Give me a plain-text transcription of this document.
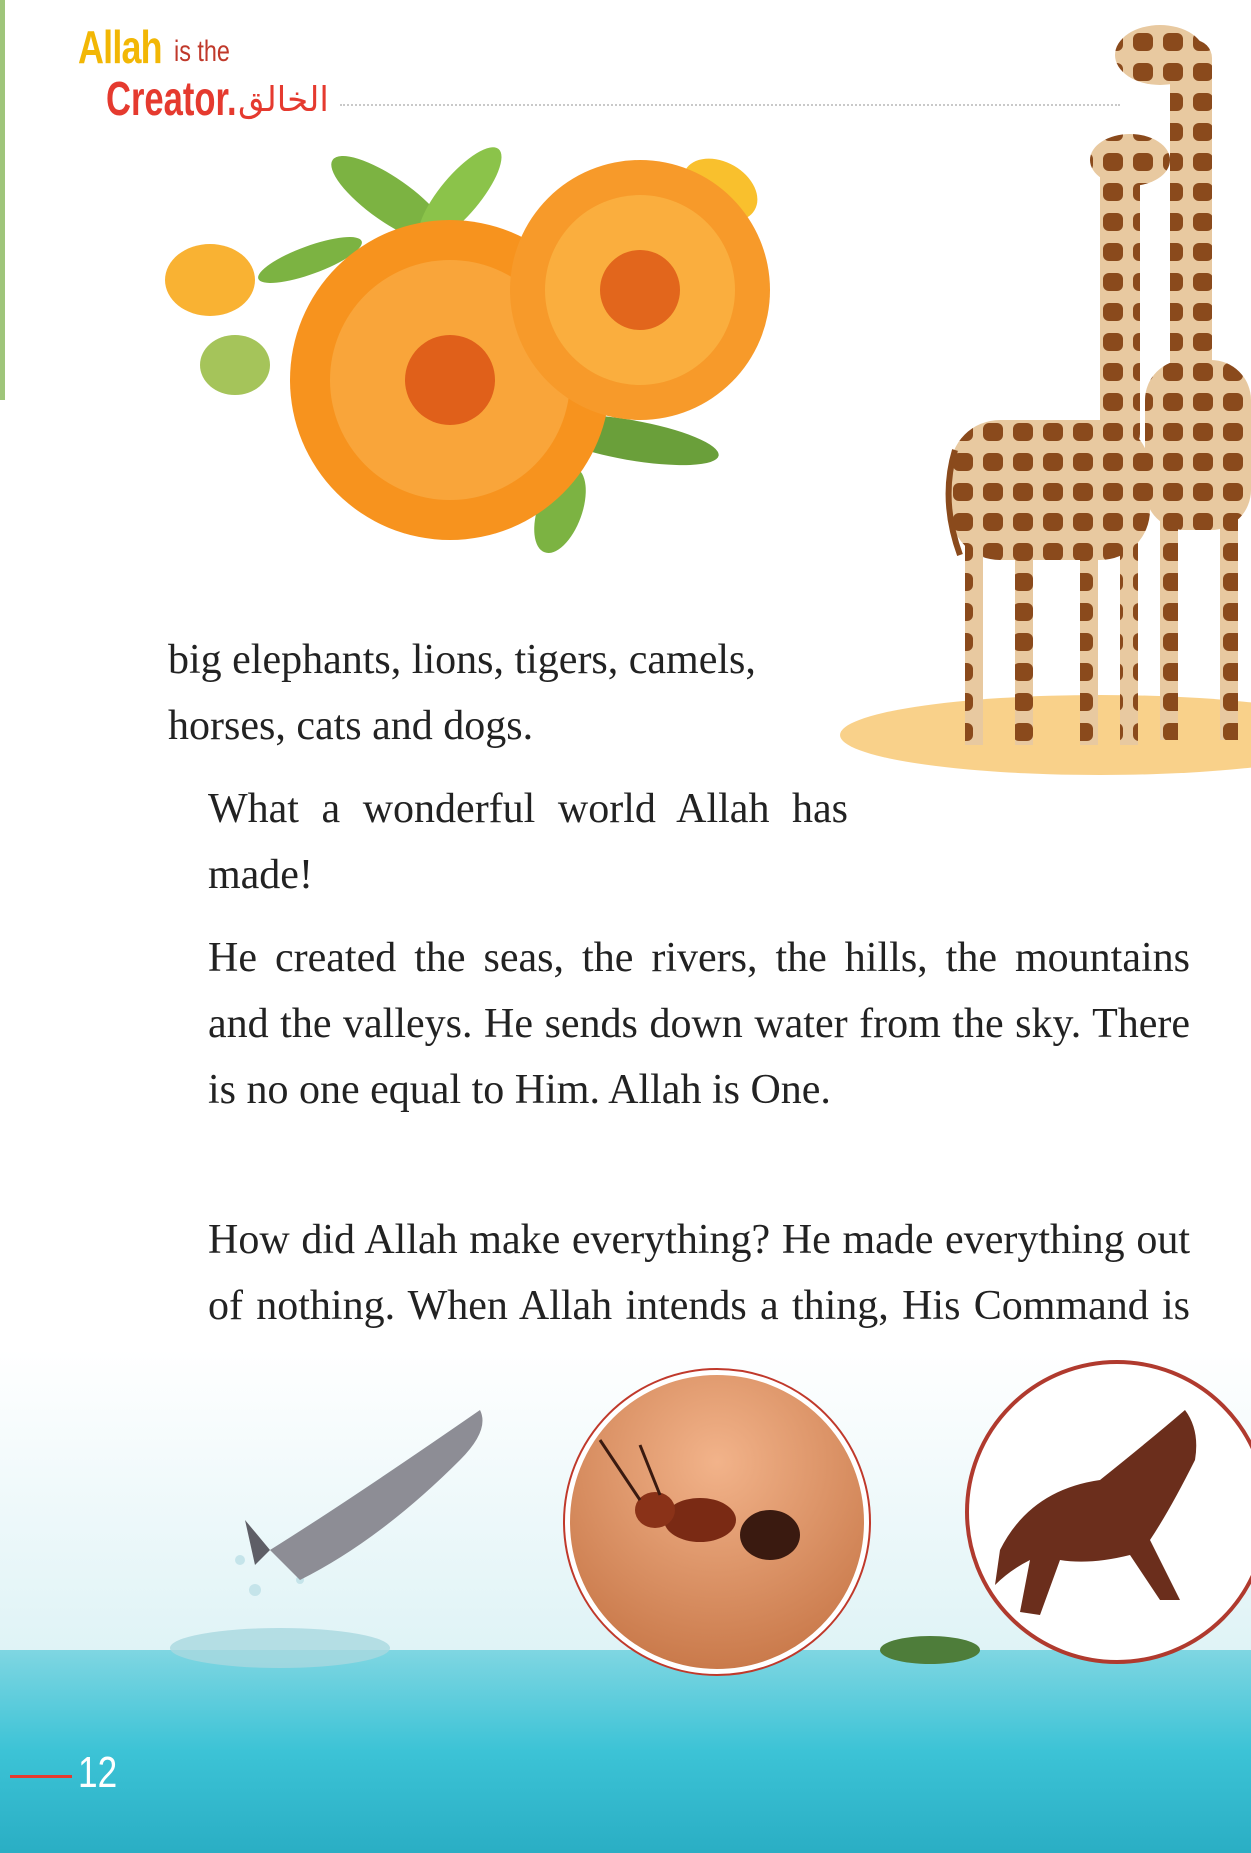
Allah is the
Creator. الخالق
big elephants, lions, tigers, camels, horses, cats and dogs.

What a wonderful world Allah has made!

He created the seas, the rivers, the hills, the mountains and the valleys. He sends down water from the sky. There is no one equal to Him. Allah is One.

How did Allah make everything? He made everything out of nothing. When Allah intends a thing, His Command is

12
